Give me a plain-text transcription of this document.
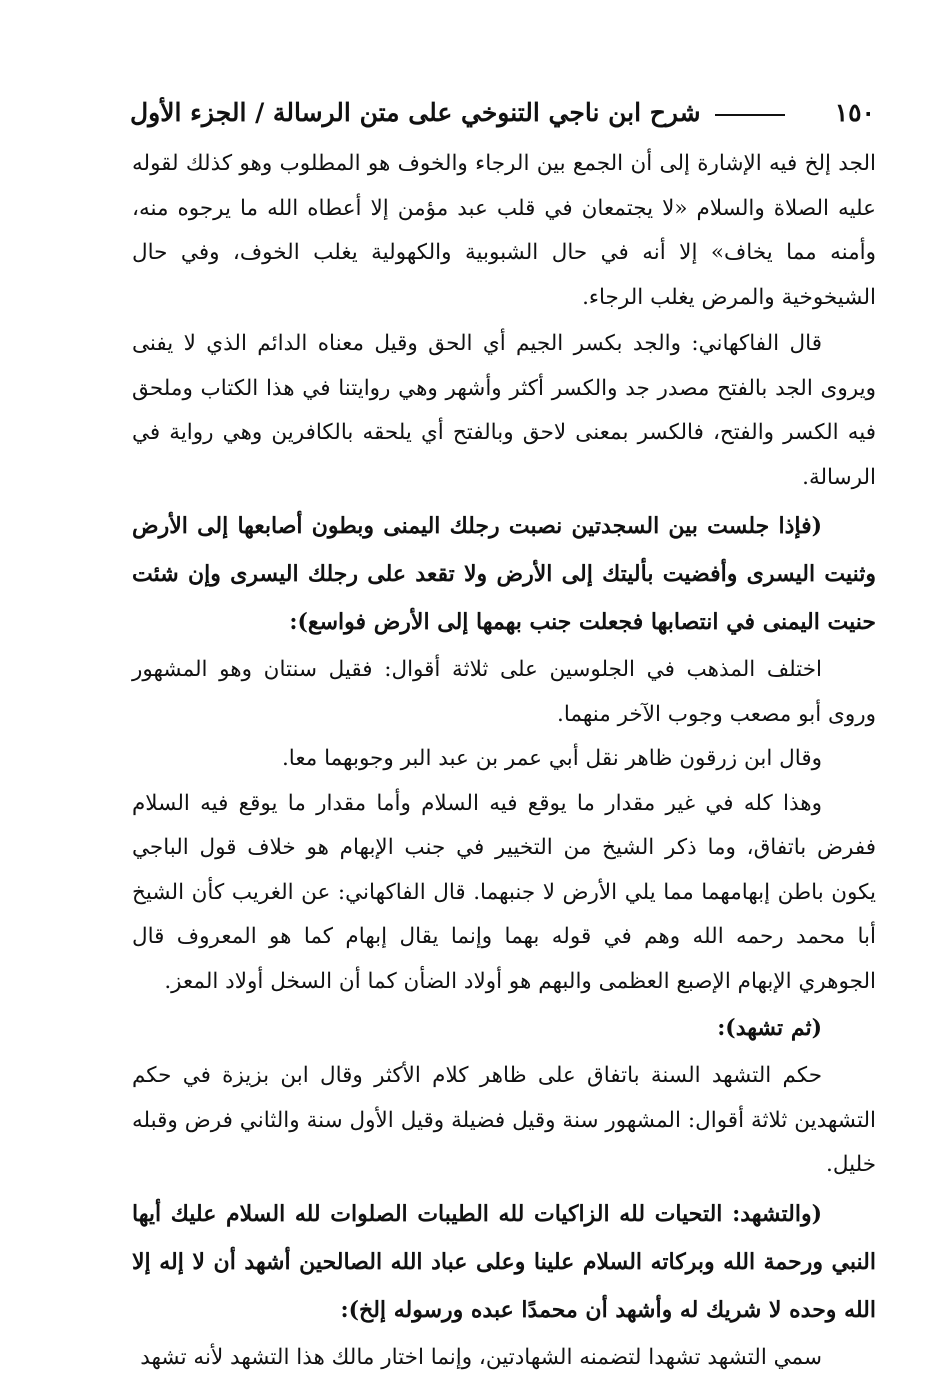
شرح ابن ناجي التنوخي على متن الرسالة / الجزء الأول	١٥٠

الجد إلخ فيه الإشارة إلى أن الجمع بين الرجاء والخوف هو المطلوب وهو كذلك لقوله عليه الصلاة والسلام «لا يجتمعان في قلب عبد مؤمن إلا أعطاه الله ما يرجوه منه، وأمنه مما يخاف» إلا أنه في حال الشبوبية والكهولية يغلب الخوف، وفي حال الشيخوخية والمرض يغلب الرجاء.

قال الفاكهاني: والجد بكسر الجيم أي الحق وقيل معناه الدائم الذي لا يفنى ويروى الجد بالفتح مصدر جد والكسر أكثر وأشهر وهي روايتنا في هذا الكتاب وملحق فيه الكسر والفتح، فالكسر بمعنى لاحق وبالفتح أي يلحقه بالكافرين وهي رواية في الرسالة.

(فإذا جلست بين السجدتين نصبت رجلك اليمنى وبطون أصابعها إلى الأرض وثنيت اليسرى وأفضيت بأليتك إلى الأرض ولا تقعد على رجلك اليسرى وإن شئت حنيت اليمنى في انتصابها فجعلت جنب بهمها إلى الأرض فواسع):

اختلف المذهب في الجلوسين على ثلاثة أقوال: فقيل سنتان وهو المشهور وروى أبو مصعب وجوب الآخر منهما.

وقال ابن زرقون ظاهر نقل أبي عمر بن عبد البر وجوبهما معا.

وهذا كله في غير مقدار ما يوقع فيه السلام وأما مقدار ما يوقع فيه السلام ففرض باتفاق، وما ذكر الشيخ من التخيير في جنب الإبهام هو خلاف قول الباجي يكون باطن إبهامهما مما يلي الأرض لا جنبهما. قال الفاكهاني: عن الغريب كأن الشيخ أبا محمد رحمه الله وهم في قوله بهما وإنما يقال إبهام كما هو المعروف قال الجوهري الإبهام الإصبع العظمى والبهم هو أولاد الضأن كما أن السخل أولاد المعز.

(ثم تشهد):

حكم التشهد السنة باتفاق على ظاهر كلام الأكثر وقال ابن بزيزة في حكم التشهدين ثلاثة أقوال: المشهور سنة وقيل فضيلة وقيل الأول سنة والثاني فرض وقبله خليل.

(والتشهد: التحيات لله الزاكيات لله الطيبات الصلوات لله السلام عليك أيها النبي ورحمة الله وبركاته السلام علينا وعلى عباد الله الصالحين أشهد أن لا إله إلا الله وحده لا شريك له وأشهد أن محمدًا عبده ورسوله إلخ):

سمي التشهد تشهدا لتضمنه الشهادتين، وإنما اختار مالك هذا التشهد لأنه تشهد
